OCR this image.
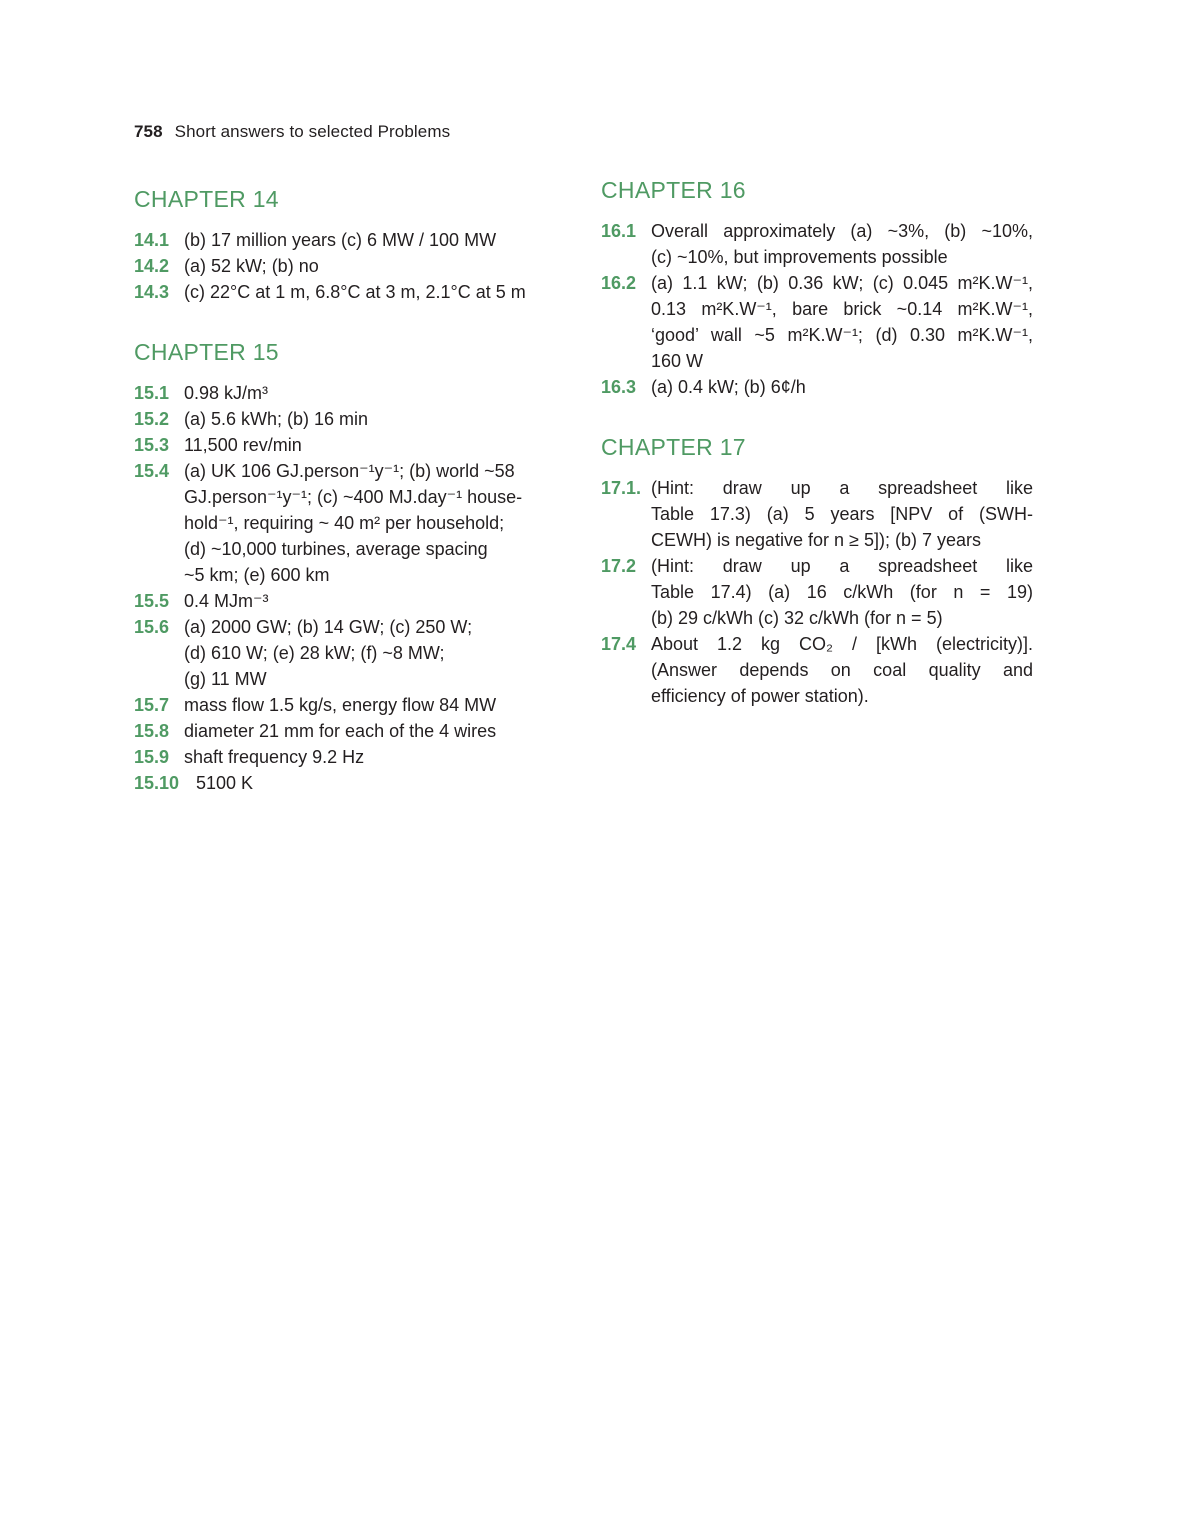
758 Short answers to selected Problems
CHAPTER 14
14.1 (b) 17 million years (c) 6 MW / 100 MW
14.2 (a) 52 kW; (b) no
14.3 (c) 22°C at 1 m, 6.8°C at 3 m, 2.1°C at 5 m
CHAPTER 15
15.1 0.98 kJ/m³
15.2 (a) 5.6 kWh; (b) 16 min
15.3 11,500 rev/min
15.4 (a) UK 106 GJ.person⁻¹y⁻¹; (b) world ~58
GJ.person⁻¹y⁻¹; (c) ~400 MJ.day⁻¹ house-
hold⁻¹, requiring ~ 40 m² per household;
(d) ~10,000 turbines, average spacing
~5 km; (e) 600 km
15.5 0.4 MJm⁻³
15.6 (a) 2000 GW; (b) 14 GW; (c) 250 W;
(d) 610 W; (e) 28 kW; (f) ~8 MW;
(g) 11 MW
15.7 mass flow 1.5 kg/s, energy flow 84 MW
15.8 diameter 21 mm for each of the 4 wires
15.9 shaft frequency 9.2 Hz
15.10 5100 K
CHAPTER 16
16.1 Overall approximately (a) ~3%, (b) ~10%,
(c) ~10%, but improvements possible
16.2 (a) 1.1 kW; (b) 0.36 kW; (c) 0.045 m²K.W⁻¹,
0.13 m²K.W⁻¹, bare brick ~0.14 m²K.W⁻¹,
‘good’ wall ~5 m²K.W⁻¹; (d) 0.30 m²K.W⁻¹,
160 W
16.3 (a) 0.4 kW; (b) 6¢/h
CHAPTER 17
17.1. (Hint: draw up a spreadsheet like
Table 17.3) (a) 5 years [NPV of (SWH-
CEWH) is negative for n ≥ 5]); (b) 7 years
17.2 (Hint: draw up a spreadsheet like
Table 17.4) (a) 16 c/kWh (for n = 19)
(b) 29 c/kWh (c) 32 c/kWh (for n = 5)
17.4 About 1.2 kg CO₂ / [kWh (electricity)].
(Answer depends on coal quality and
efficiency of power station).
